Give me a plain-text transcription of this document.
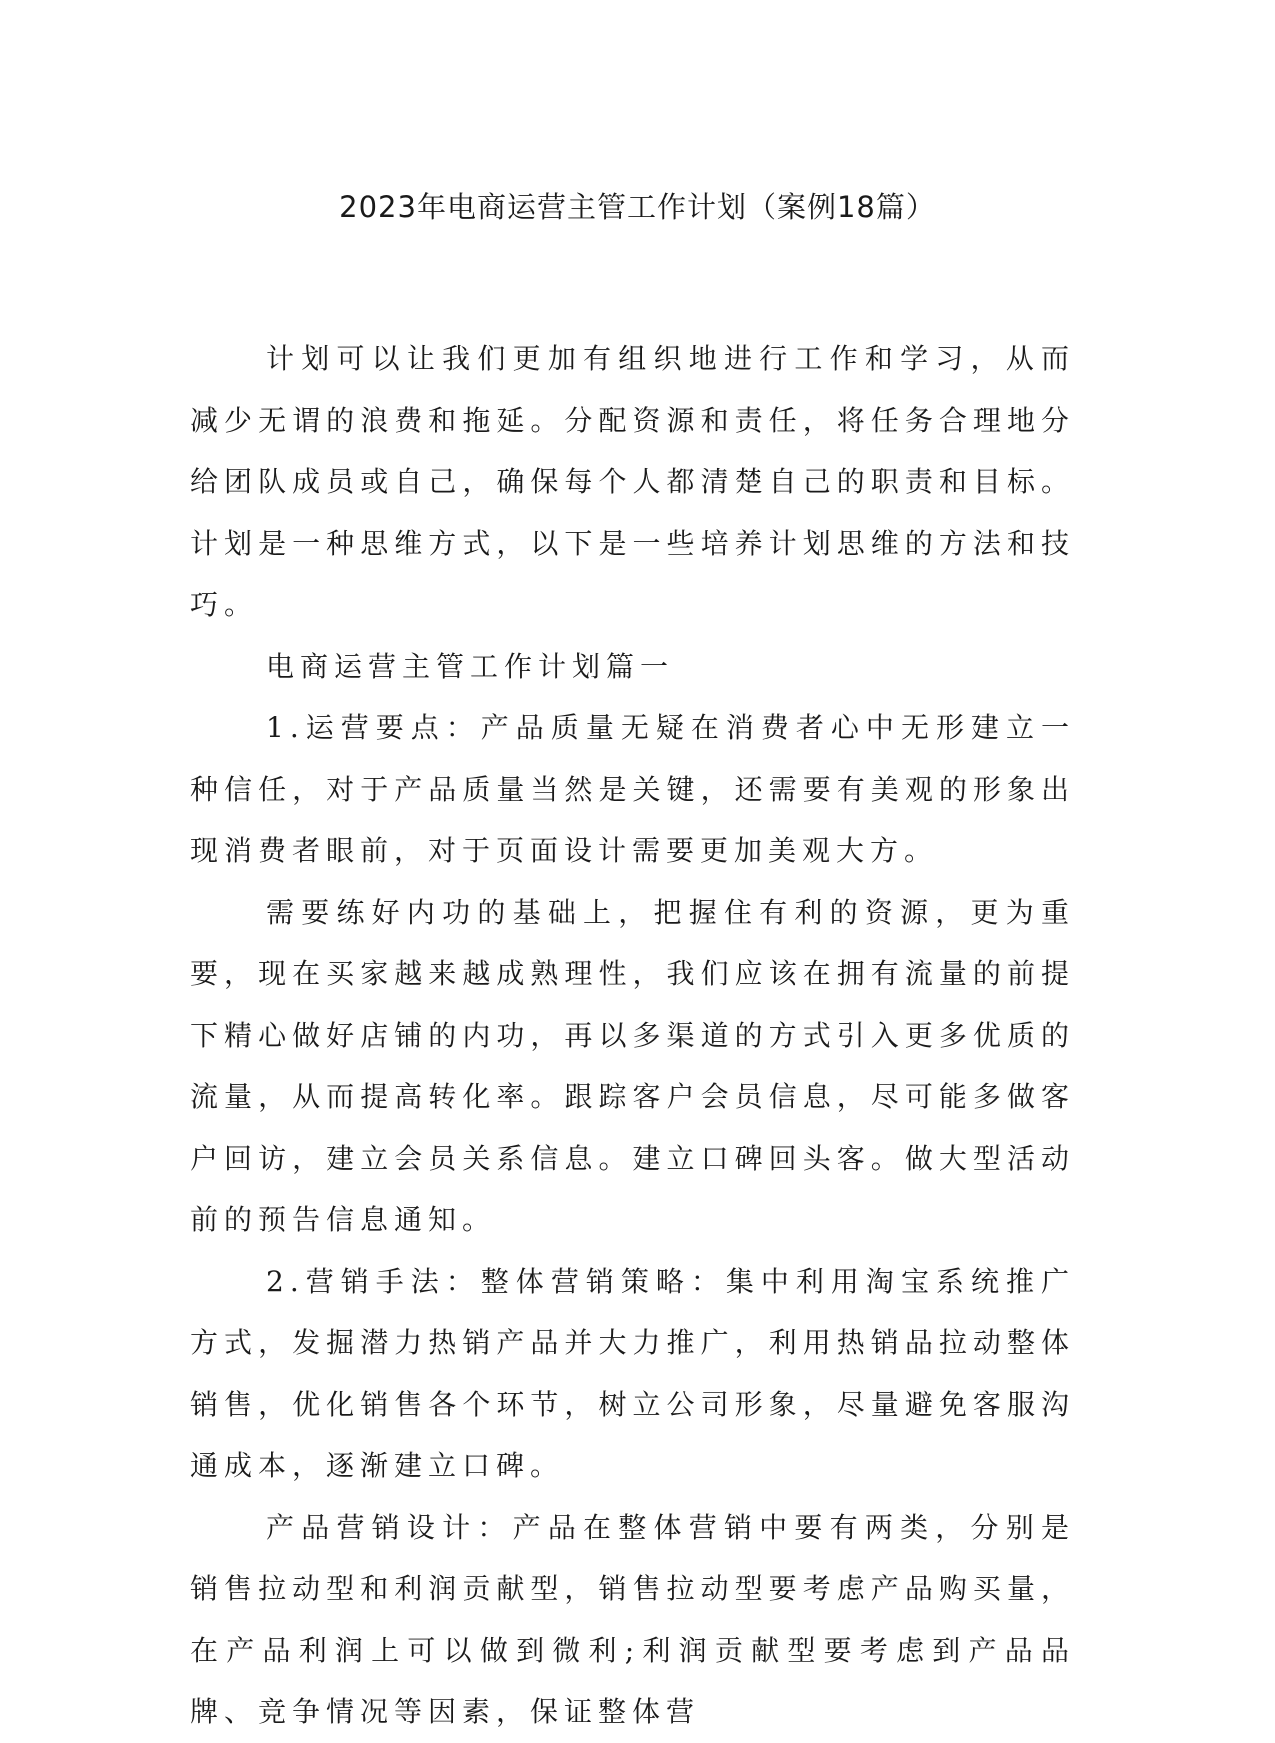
2023年电商运营主管工作计划（案例18篇）

计划可以让我们更加有组织地进行工作和学习，从而减少无谓的浪费和拖延。分配资源和责任，将任务合理地分给团队成员或自己，确保每个人都清楚自己的职责和目标。计划是一种思维方式，以下是一些培养计划思维的方法和技巧。

电商运营主管工作计划篇一

1.运营要点：产品质量无疑在消费者心中无形建立一种信任，对于产品质量当然是关键，还需要有美观的形象出现消费者眼前，对于页面设计需要更加美观大方。

需要练好内功的基础上，把握住有利的资源，更为重要，现在买家越来越成熟理性，我们应该在拥有流量的前提下精心做好店铺的内功，再以多渠道的方式引入更多优质的流量，从而提高转化率。跟踪客户会员信息，尽可能多做客户回访，建立会员关系信息。建立口碑回头客。做大型活动前的预告信息通知。

2.营销手法：整体营销策略：集中利用淘宝系统推广方式，发掘潜力热销产品并大力推广，利用热销品拉动整体销售，优化销售各个环节，树立公司形象，尽量避免客服沟通成本，逐渐建立口碑。

产品营销设计：产品在整体营销中要有两类，分别是销售拉动型和利润贡献型，销售拉动型要考虑产品购买量，在产品利润上可以做到微利;利润贡献型要考虑到产品品牌、竞争情况等因素，保证整体营
